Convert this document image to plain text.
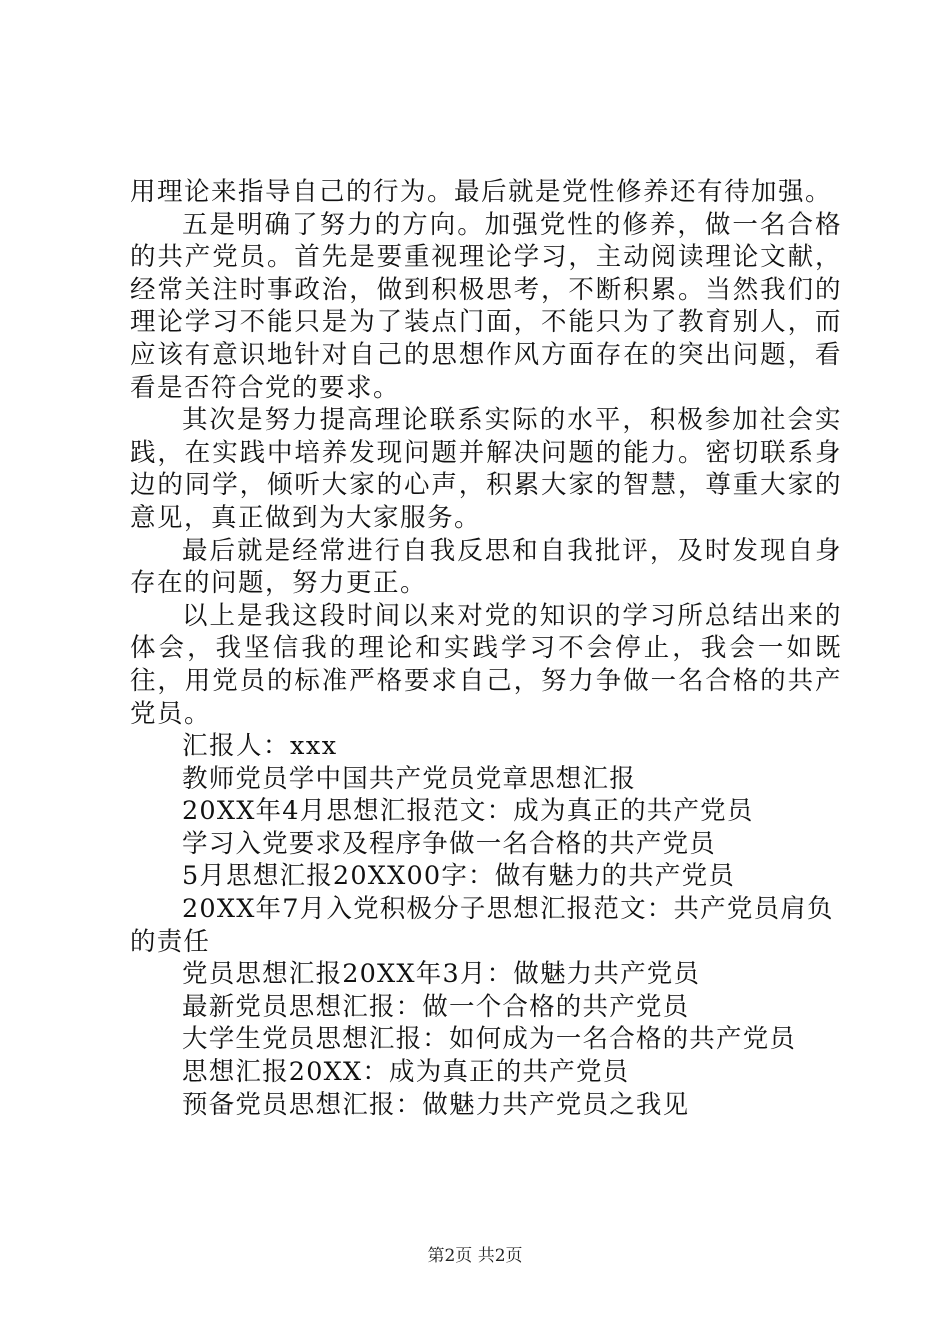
用理论来指导自己的行为。最后就是党性修养还有待加强。

五是明确了努力的方向。加强党性的修养，做一名合格的共产党员。首先是要重视理论学习，主动阅读理论文献，经常关注时事政治，做到积极思考，不断积累。当然我们的理论学习不能只是为了装点门面，不能只为了教育别人，而应该有意识地针对自己的思想作风方面存在的突出问题，看看是否符合党的要求。

其次是努力提高理论联系实际的水平，积极参加社会实践，在实践中培养发现问题并解决问题的能力。密切联系身边的同学，倾听大家的心声，积累大家的智慧，尊重大家的意见，真正做到为大家服务。

最后就是经常进行自我反思和自我批评，及时发现自身存在的问题，努力更正。

以上是我这段时间以来对党的知识的学习所总结出来的体会，我坚信我的理论和实践学习不会停止，我会一如既往，用党员的标准严格要求自己，努力争做一名合格的共产党员。

汇报人：xxx

教师党员学中国共产党员党章思想汇报

20XX年4月思想汇报范文：成为真正的共产党员

学习入党要求及程序争做一名合格的共产党员

5月思想汇报20XX00字：做有魅力的共产党员

20XX年7月入党积极分子思想汇报范文：共产党员肩负的责任

党员思想汇报20XX年3月：做魅力共产党员

最新党员思想汇报：做一个合格的共产党员

大学生党员思想汇报：如何成为一名合格的共产党员

思想汇报20XX：成为真正的共产党员

预备党员思想汇报：做魅力共产党员之我见

第2页 共2页
